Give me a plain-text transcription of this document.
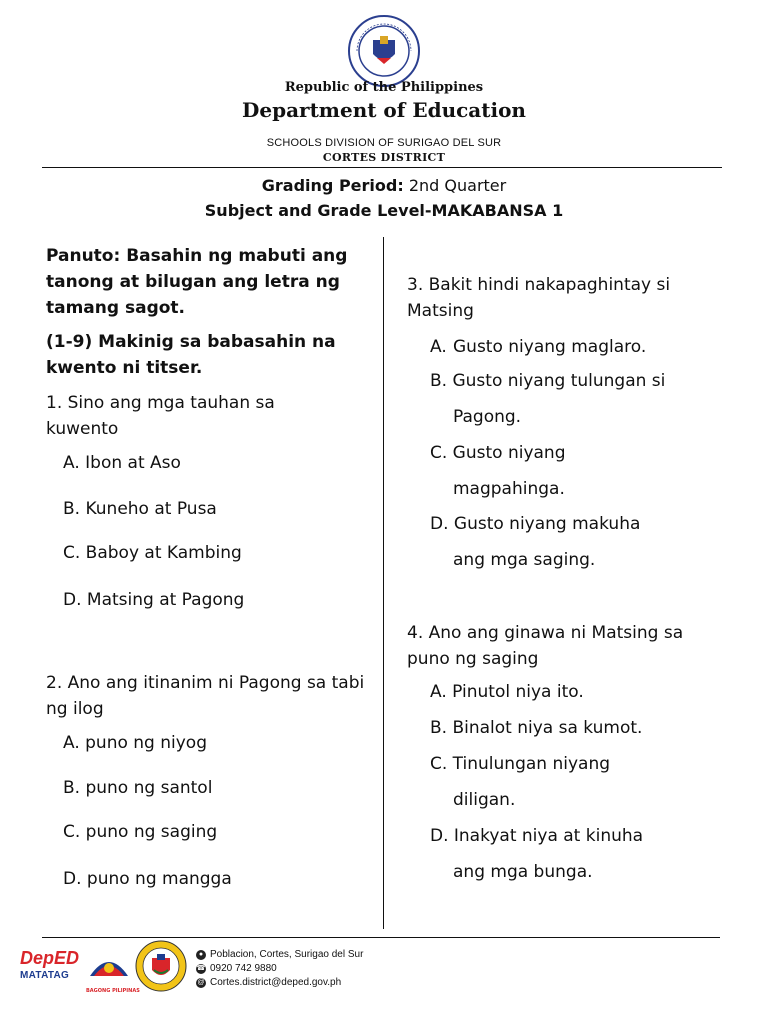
Republic of the Philippines
Department of Education
SCHOOLS DIVISION OF SURIGAO DEL SUR
CORTES DISTRICT
Grading Period: 2nd Quarter
Subject and Grade Level-MAKABANSA 1
Panuto: Basahin ng mabuti ang tanong at bilugan ang letra ng tamang sagot.
(1-9) Makinig sa babasahin na kwento ni titser.
1. Sino ang mga tauhan sa kuwento
A. Ibon at Aso
B. Kuneho at Pusa
C. Baboy at Kambing
D. Matsing at Pagong
2. Ano ang itinanim ni Pagong sa tabi ng ilog
A. puno ng niyog
B. puno ng santol
C. puno ng saging
D. puno ng mangga
3. Bakit hindi nakapaghintay si Matsing
A. Gusto niyang maglaro.
B. Gusto niyang tulungan si
Pagong.
C. Gusto niyang
magpahinga.
D. Gusto niyang makuha
ang mga saging.
4. Ano ang ginawa ni Matsing sa puno ng saging
A. Pinutol niya ito.
B. Binalot niya sa kumot.
C. Tinulungan niyang
diligan.
D. Inakyat niya at kinuha
ang mga bunga.
DepED
MATATAG
BAGONG PILIPINAS
● Poblacion, Cortes, Surigao del Sur
☎ 0920 742 9880
@ Cortes.district@deped.gov.ph
